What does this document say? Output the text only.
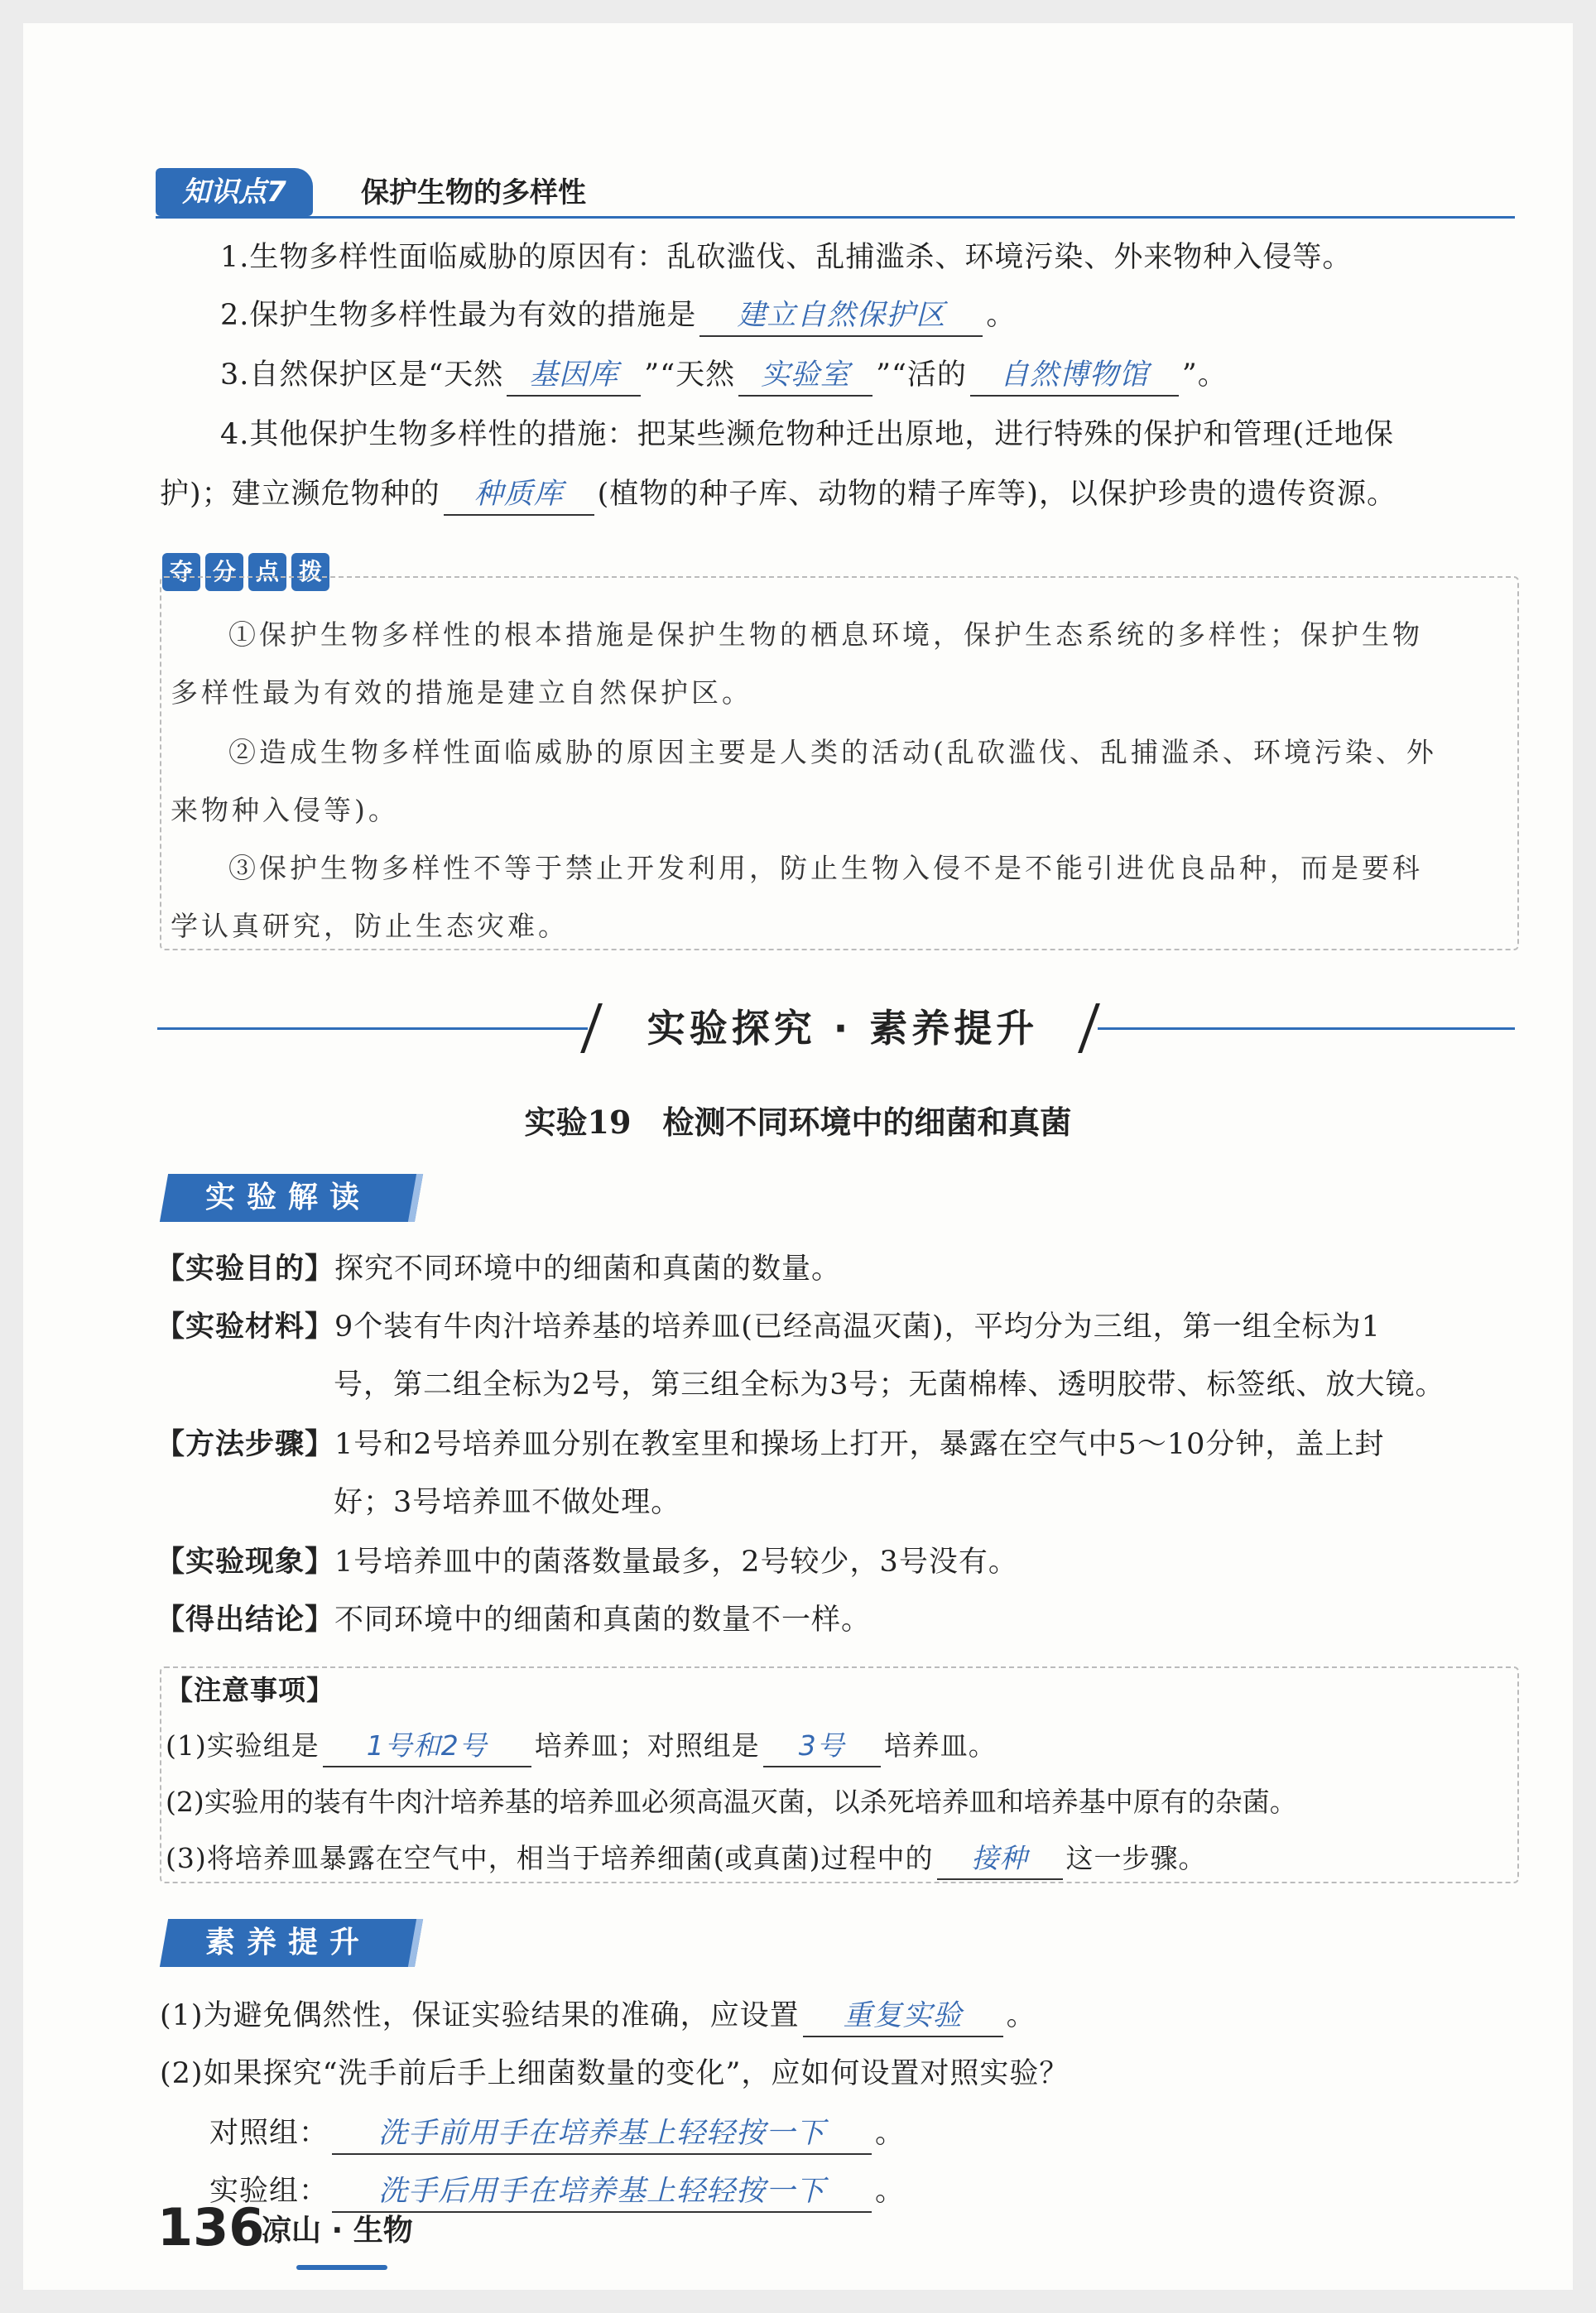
知识点7	保护生物的多样性
1.生物多样性面临威胁的原因有：乱砍滥伐、乱捕滥杀、环境污染、外来物种入侵等。
2.保护生物多样性最为有效的措施是 建立自然保护区 。
3.自然保护区是“天然 基因库 ”“天然 实验室 ”“活的 自然博物馆 ”。
4.其他保护生物多样性的措施：把某些濒危物种迁出原地，进行特殊的保护和管理(迁地保
护)；建立濒危物种的 种质库 (植物的种子库、动物的精子库等)，以保护珍贵的遗传资源。
夺 分 点 拨
①保护生物多样性的根本措施是保护生物的栖息环境，保护生态系统的多样性；保护生物
多样性最为有效的措施是建立自然保护区。
②造成生物多样性面临威胁的原因主要是人类的活动(乱砍滥伐、乱捕滥杀、环境污染、外
来物种入侵等)。
③保护生物多样性不等于禁止开发利用，防止生物入侵不是不能引进优良品种，而是要科
学认真研究，防止生态灾难。
实验探究 · 素养提升
实验19　检测不同环境中的细菌和真菌
实验解读
【实验目的】探究不同环境中的细菌和真菌的数量。
【实验材料】9个装有牛肉汁培养基的培养皿(已经高温灭菌)，平均分为三组，第一组全标为1
号，第二组全标为2号，第三组全标为3号；无菌棉棒、透明胶带、标签纸、放大镜。
【方法步骤】1号和2号培养皿分别在教室里和操场上打开，暴露在空气中5～10分钟，盖上封
好；3号培养皿不做处理。
【实验现象】1号培养皿中的菌落数量最多，2号较少，3号没有。
【得出结论】不同环境中的细菌和真菌的数量不一样。
【注意事项】
(1)实验组是 1号和2号 培养皿；对照组是 3号 培养皿。
(2)实验用的装有牛肉汁培养基的培养皿必须高温灭菌，以杀死培养皿和培养基中原有的杂菌。
(3)将培养皿暴露在空气中，相当于培养细菌(或真菌)过程中的 接种 这一步骤。
素养提升
(1)为避免偶然性，保证实验结果的准确，应设置 重复实验 。
(2)如果探究“洗手前后手上细菌数量的变化”，应如何设置对照实验？
对照组： 洗手前用手在培养基上轻轻按一下 。
实验组： 洗手后用手在培养基上轻轻按一下 。
136
凉山 · 生物
